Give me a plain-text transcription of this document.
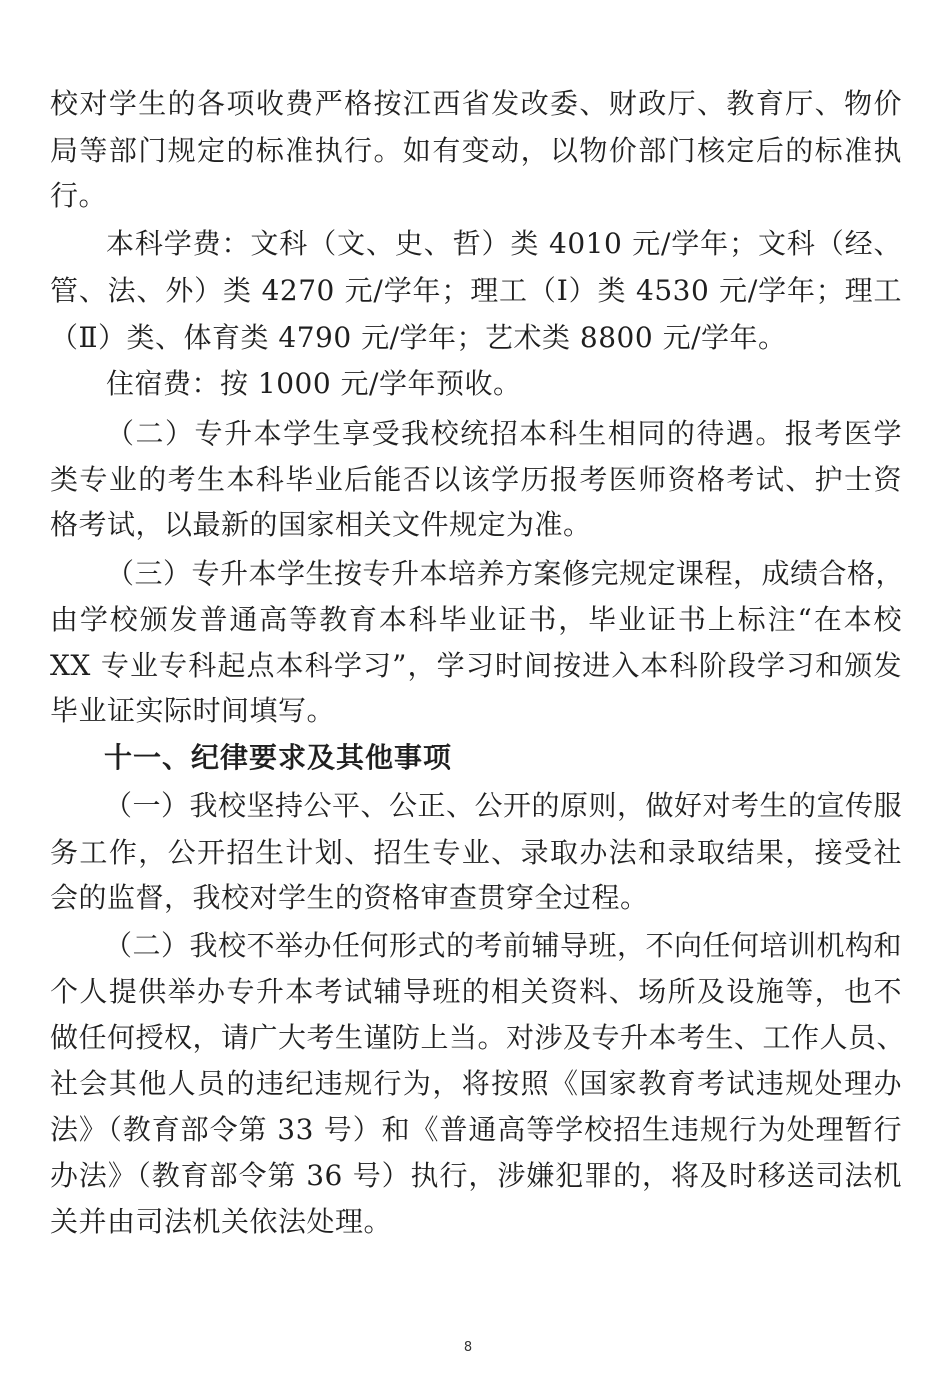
校对学生的各项收费严格按江西省发改委、财政厅、教育厅、物价
局等部门规定的标准执行。如有变动，以物价部门核定后的标准执
行。
本科学费：文科（文、史、哲）类 4010 元/学年；文科（经、
管、法、外）类 4270 元/学年；理工（Ⅰ）类 4530 元/学年；理工
（Ⅱ）类、体育类 4790 元/学年；艺术类 8800 元/学年。
住宿费：按 1000 元/学年预收。
（二）专升本学生享受我校统招本科生相同的待遇。报考医学
类专业的考生本科毕业后能否以该学历报考医师资格考试、护士资
格考试，以最新的国家相关文件规定为准。
（三）专升本学生按专升本培养方案修完规定课程，成绩合格，
由学校颁发普通高等教育本科毕业证书，毕业证书上标注“在本校
XX 专业专科起点本科学习”，学习时间按进入本科阶段学习和颁发
毕业证实际时间填写。
十一、纪律要求及其他事项
（一）我校坚持公平、公正、公开的原则，做好对考生的宣传服
务工作，公开招生计划、招生专业、录取办法和录取结果，接受社
会的监督，我校对学生的资格审查贯穿全过程。
（二）我校不举办任何形式的考前辅导班，不向任何培训机构和
个人提供举办专升本考试辅导班的相关资料、场所及设施等，也不
做任何授权，请广大考生谨防上当。对涉及专升本考生、工作人员、
社会其他人员的违纪违规行为，将按照《国家教育考试违规处理办
法》（教育部令第 33 号）和《普通高等学校招生违规行为处理暂行
办法》（教育部令第 36 号）执行，涉嫌犯罪的，将及时移送司法机
关并由司法机关依法处理。
8
